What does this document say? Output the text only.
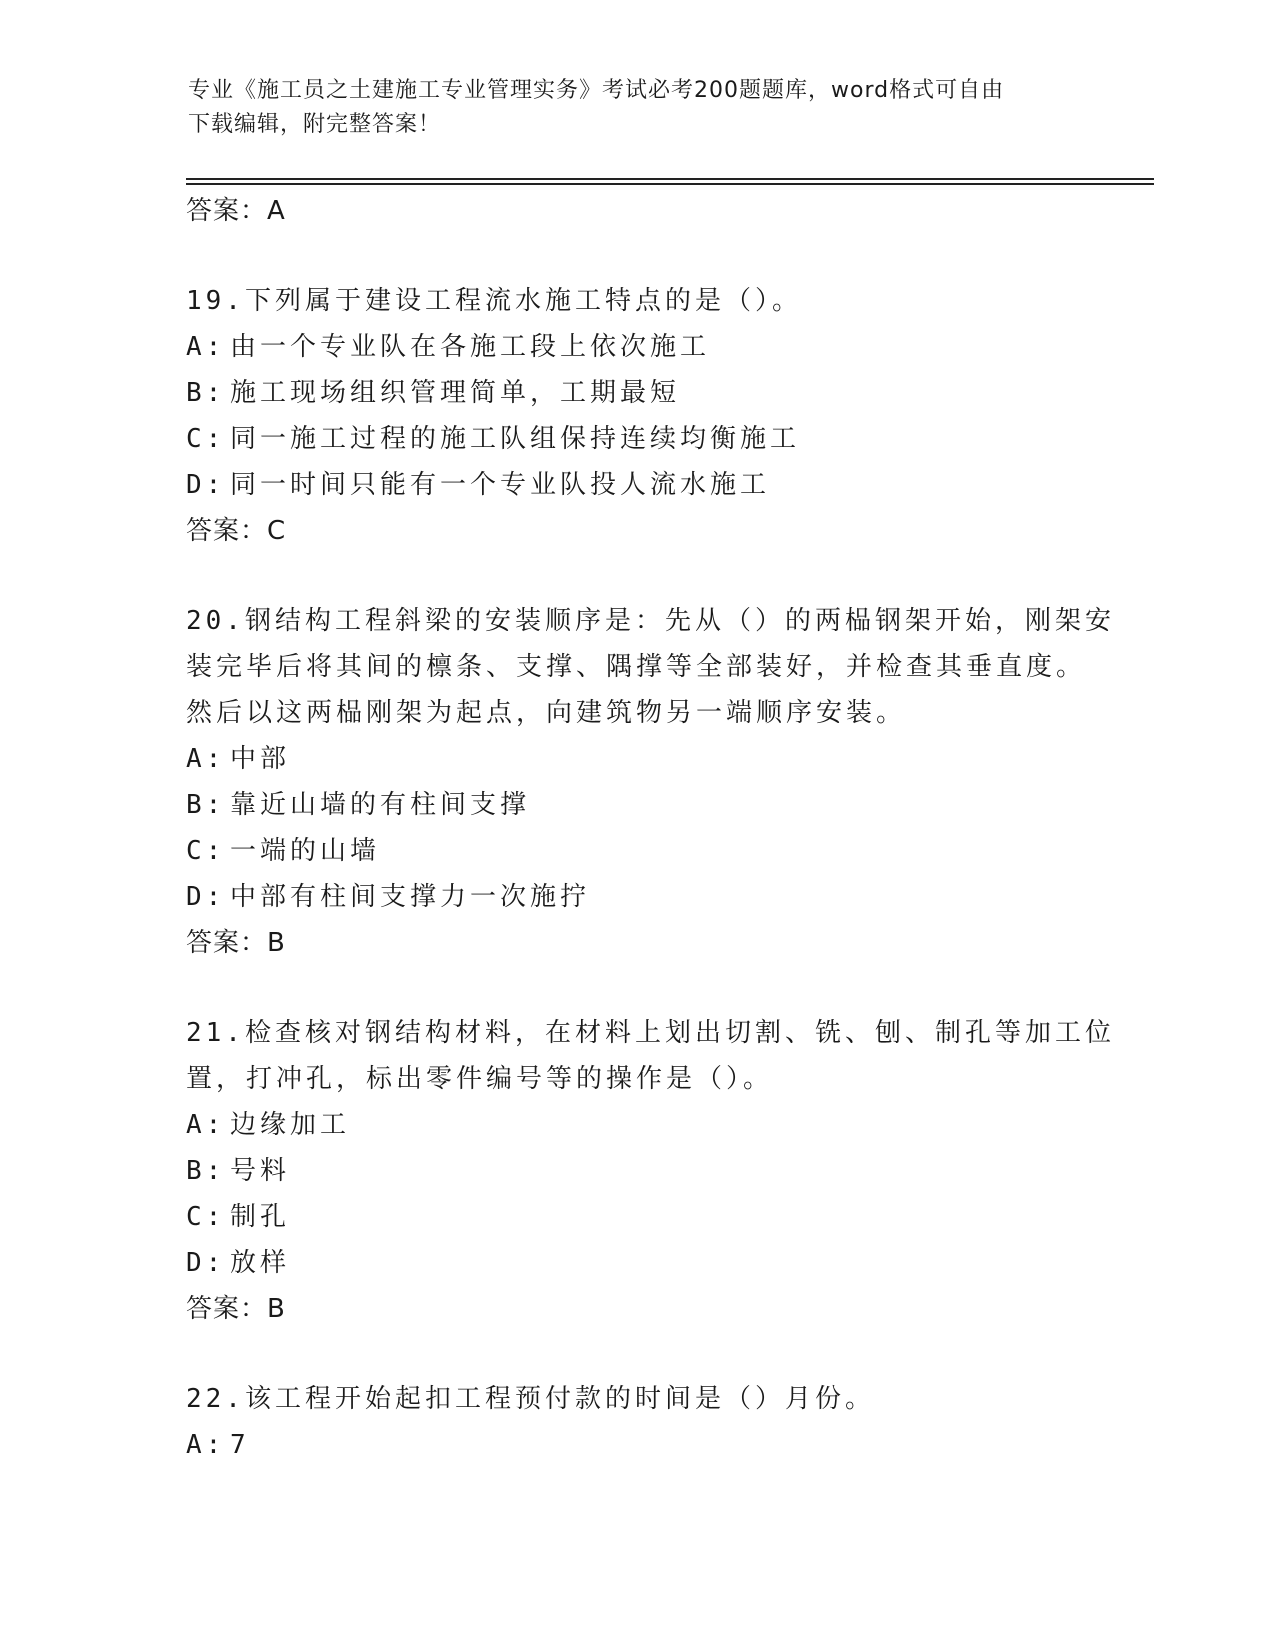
专业《施工员之土建施工专业管理实务》考试必考200题题库，word格式可自由
下载编辑，附完整答案！
答案：A
19.下列属于建设工程流水施工特点的是（）。
A: 由一个专业队在各施工段上依次施工
B: 施工现场组织管理简单，工期最短
C: 同一施工过程的施工队组保持连续均衡施工
D: 同一时间只能有一个专业队投人流水施工
答案：C
20.钢结构工程斜梁的安装顺序是：先从（）的两榀钢架开始，刚架安
装完毕后将其间的檩条、支撑、隅撑等全部装好，并检查其垂直度。
然后以这两榀刚架为起点，向建筑物另一端顺序安装。
A: 中部
B: 靠近山墙的有柱间支撑
C: 一端的山墙
D: 中部有柱间支撑力一次施拧
答案：B
21.检查核对钢结构材料，在材料上划出切割、铣、刨、制孔等加工位
置，打冲孔，标出零件编号等的操作是（）。
A: 边缘加工
B: 号料
C: 制孔
D: 放样
答案：B
22.该工程开始起扣工程预付款的时间是（）月份。
A: 7
